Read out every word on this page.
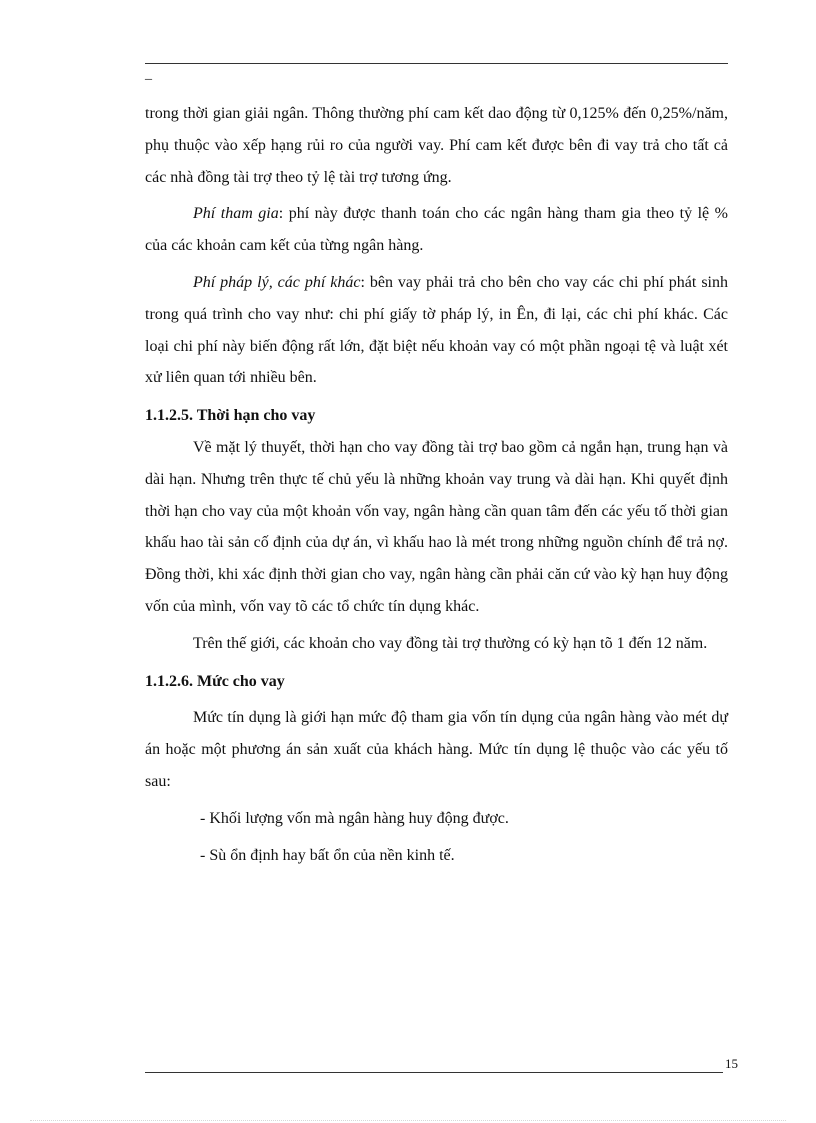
_

trong thời gian giải ngân. Thông thường phí cam kết dao động từ 0,125% đến 0,25%/năm, phụ thuộc vào xếp hạng rủi ro của người vay. Phí cam kết được bên đi vay trả cho tất cả các nhà đồng tài trợ theo tỷ lệ tài trợ tương ứng.

Phí tham gia: phí này được thanh toán cho các ngân hàng tham gia theo tỷ lệ % của các khoản cam kết của từng ngân hàng.

Phí pháp lý, các phí khác: bên vay phải trả cho bên cho vay các chi phí phát sinh trong quá trình cho vay như: chi phí giấy tờ pháp lý, in Ên, đi lại, các chi phí khác. Các loại chi phí này biến động rất lớn, đặt biệt nếu khoản vay có một phần ngoại tệ và luật xét xử liên quan tới nhiều bên.

1.1.2.5. Thời hạn cho vay

Về mặt lý thuyết, thời hạn cho vay đồng tài trợ bao gồm cả ngắn hạn, trung hạn và dài hạn. Nhưng trên thực tế chủ yếu là những khoản vay trung và dài hạn. Khi quyết định thời hạn cho vay của một khoản vốn vay, ngân hàng cần quan tâm đến các yếu tố thời gian khấu hao tài sản cố định của dự án, vì khấu hao là mét trong những nguồn chính để trả nợ. Đồng thời, khi xác định thời gian cho vay, ngân hàng cần phải căn cứ vào kỳ hạn huy động vốn của mình, vốn vay tõ các tổ chức tín dụng khác.

Trên thế giới, các khoản cho vay đồng tài trợ thường có kỳ hạn tõ 1 đến 12 năm.

1.1.2.6. Mức cho vay

Mức tín dụng là giới hạn mức độ tham gia vốn tín dụng của ngân hàng vào mét dự án hoặc một phương án sản xuất của khách hàng. Mức tín dụng lệ thuộc vào các yếu tố sau:

- Khối lượng vốn mà ngân hàng huy động được.

- Sù ổn định hay bất ổn của nền kinh tế.

15
